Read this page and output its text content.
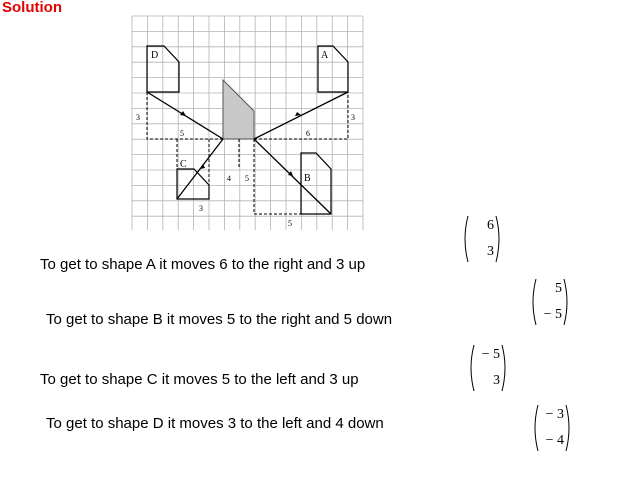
Solution
D	A
C
B
3	3
5	6
4 5
3
5
To get to shape A it moves 6 to the right and 3 up
6
3
To get to shape B it moves 5 to the right and 5 down
5
− 5
To get to shape C it moves 5 to the left and 3 up
− 5
3
To get to shape D it moves 3 to the left and 4 down
− 3
− 4
